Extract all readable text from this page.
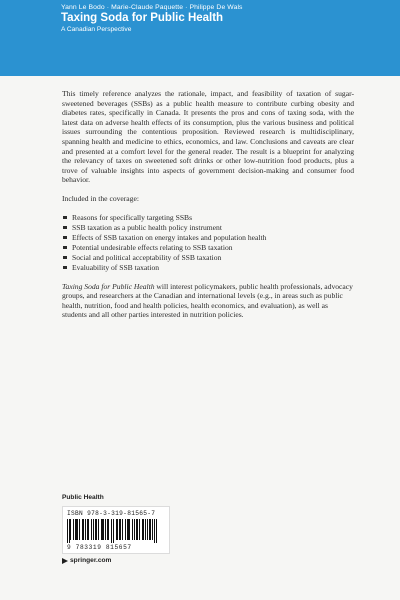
Yann Le Bodo · Marie-Claude Paquette · Philippe De Wals
Taxing Soda for Public Health
A Canadian Perspective

This timely reference analyzes the rationale, impact, and feasibility of taxation of sugar-sweetened beverages (SSBs) as a public health measure to contribute curbing obesity and diabetes rates, specifically in Canada. It presents the pros and cons of taxing soda, with the latest data on adverse health effects of its consumption, plus the various business and political issues surrounding the contentious proposition. Reviewed research is multidisciplinary, spanning health and medicine to ethics, economics, and law. Conclusions and caveats are clear and presented at a comfort level for the general reader. The result is a blueprint for analyzing the relevancy of taxes on sweetened soft drinks or other low-nutrition food products, plus a trove of valuable insights into aspects of government decision-making and consumer food behavior.

Included in the coverage:

Reasons for specifically targeting SSBs
SSB taxation as a public health policy instrument
Effects of SSB taxation on energy intakes and population health
Potential undesirable effects relating to SSB taxation
Social and political acceptability of SSB taxation
Evaluability of SSB taxation

Taxing Soda for Public Health will interest policymakers, public health professionals, advocacy groups, and researchers at the Canadian and international levels (e.g., in areas such as public health, nutrition, food and health policies, health economics, and evaluation), as well as students and all other parties interested in nutrition policies.

Public Health
ISBN 978-3-319-81565-7
9 783319 815657
springer.com
